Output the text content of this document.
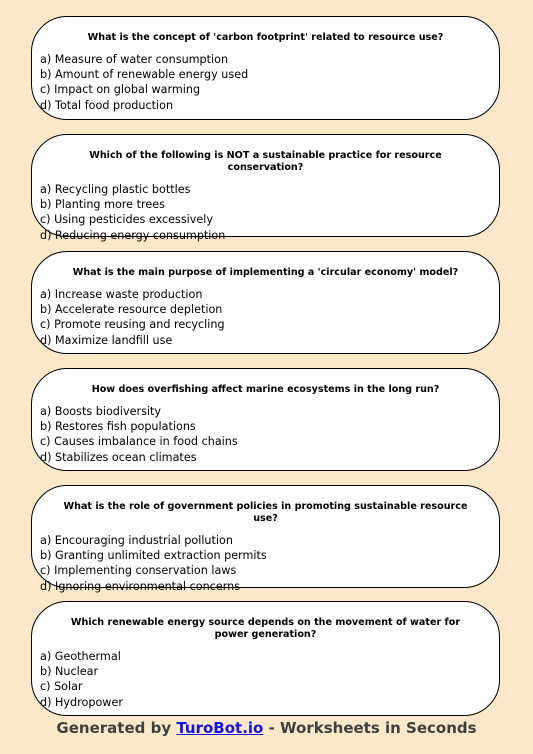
What is the concept of 'carbon footprint' related to resource use?
a) Measure of water consumption
b) Amount of renewable energy used
c) Impact on global warming
d) Total food production
Which of the following is NOT a sustainable practice for resource conservation?
a) Recycling plastic bottles
b) Planting more trees
c) Using pesticides excessively
d) Reducing energy consumption
What is the main purpose of implementing a 'circular economy' model?
a) Increase waste production
b) Accelerate resource depletion
c) Promote reusing and recycling
d) Maximize landfill use
How does overfishing affect marine ecosystems in the long run?
a) Boosts biodiversity
b) Restores fish populations
c) Causes imbalance in food chains
d) Stabilizes ocean climates
What is the role of government policies in promoting sustainable resource use?
a) Encouraging industrial pollution
b) Granting unlimited extraction permits
c) Implementing conservation laws
d) Ignoring environmental concerns
Which renewable energy source depends on the movement of water for power generation?
a) Geothermal
b) Nuclear
c) Solar
d) Hydropower
Generated by TuroBot.io - Worksheets in Seconds
